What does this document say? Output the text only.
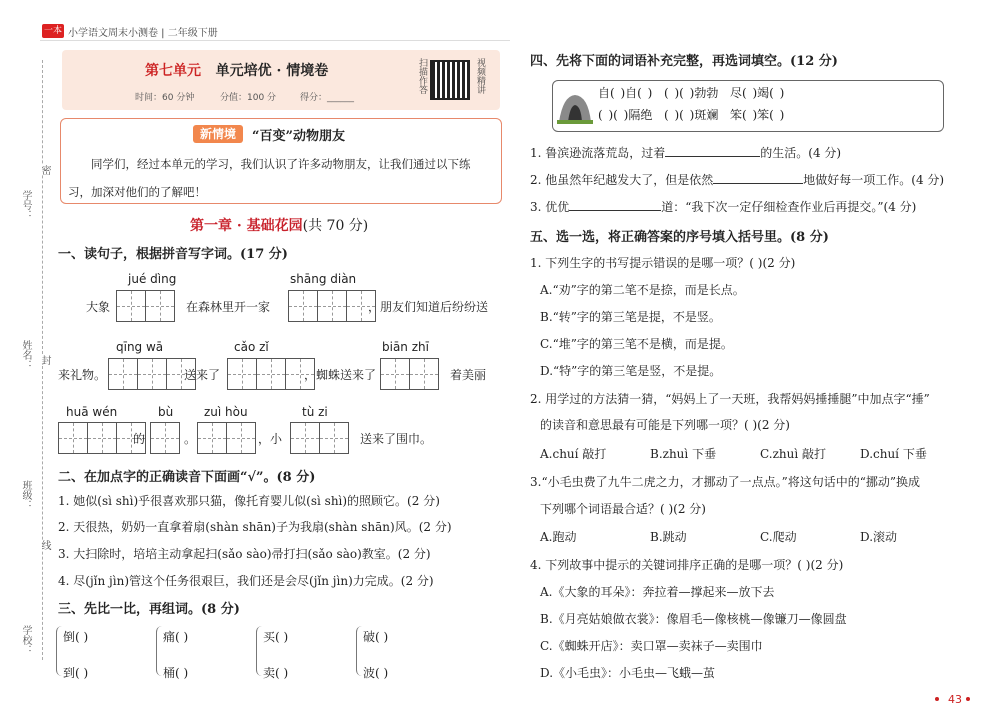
一本 小学语文周末小测卷 | 二年级下册
学号：
姓名：
班级：
学校：
密
封
线
第七单元 单元培优 · 情境卷
时间：60 分钟	分值：100 分	得分：______
扫描作答	视频精讲
新情境	“百变”动物朋友
同学们，经过本单元的学习，我们认识了许多动物朋友，让我们通过以下练习，加深对他们的了解吧！
第一章 · 基础花园(共 70 分)
一、读句子，根据拼音写字词。(17 分)
jué dìng	shāng diàn
大象	在森林里开一家	，朋友们知道后纷纷送
qīng wā	cǎo zǐ	biān zhī
来礼物。	送来了	，蜘蛛送来了	着美丽
huā wén	bù	zuì hòu	tù zi
的	。	，小	送来了围巾。
二、在加点字的正确读音下面画“√”。(8 分)
1. 她似(sì shì)乎很喜欢那只猫，像托育婴儿似(sì shì)的照顾它。(2 分)
2. 天很热，奶奶一直拿着扇(shàn shān)子为我扇(shàn shān)风。(2 分)
3. 大扫除时，培培主动拿起扫(sǎo sào)帚打扫(sǎo sào)教室。(2 分)
4. 尽(jǐn jìn)管这个任务很艰巨，我们还是会尽(jǐn jìn)力完成。(2 分)
三、先比一比，再组词。(8 分)
倒( )
到( )
痛( )
桶( )
买( )
卖( )
破( )
波( )
四、先将下面的词语补充完整，再选词填空。(12 分)
自( )自( ) ( )( )勃勃 尽( )竭( )
( )( )隔绝 ( )( )斑斓 笨( )笨( )
1. 鲁滨逊流落荒岛，过着	的生活。(4 分)
2. 他虽然年纪越发大了，但是依然	地做好每一项工作。(4 分)
3. 优优	道：“我下次一定仔细检查作业后再提交。”(4 分)
五、选一选，将正确答案的序号填入括号里。(8 分)
1. 下列生字的书写提示错误的是哪一项？( )(2 分)
A.“劝”字的第二笔不是捺，而是长点。
B.“转”字的第三笔是提，不是竖。
C.“堆”字的第三笔不是横，而是提。
D.“特”字的第三笔是竖，不是提。
2. 用学过的方法猜一猜，“妈妈上了一天班，我帮妈妈捶捶腿”中加点字“捶”
的读音和意思最有可能是下列哪一项？( )(2 分)
A.chuí 敲打	B.zhuì 下垂	C.zhuì 敲打	D.chuí 下垂
3.“小毛虫费了九牛二虎之力，才挪动了一点点。”将这句话中的“挪动”换成
下列哪个词语最合适？( )(2 分)
A.跑动	B.跳动	C.爬动	D.滚动
4. 下列故事中提示的关键词排序正确的是哪一项？( )(2 分)
A.《大象的耳朵》：奔拉着—撑起来—放下去
B.《月亮姑娘做衣裳》：像眉毛—像核桃—像镰刀—像圆盘
C.《蜘蛛开店》：卖口罩—卖袜子—卖围巾
D.《小毛虫》：小毛虫—飞蛾—茧
43
